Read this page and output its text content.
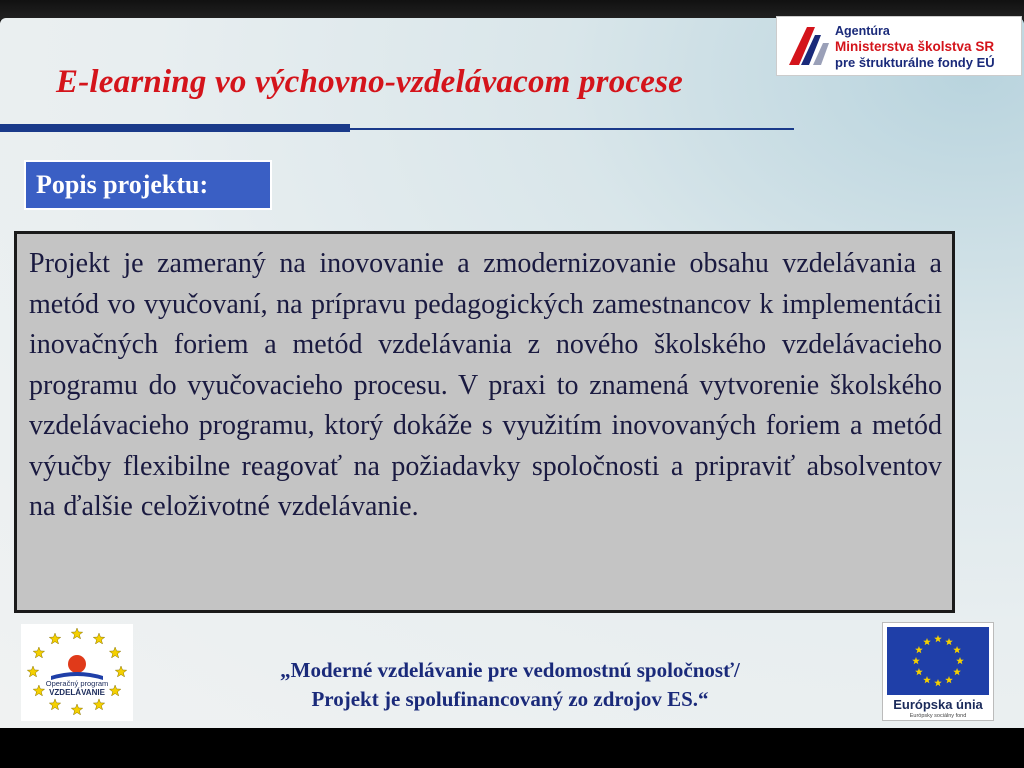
E-learning vo výchovno-vzdelávacom procese
Agentúra
Ministerstva školstva SR
pre štrukturálne fondy EÚ
Popis projektu:

Projekt je zameraný na inovovanie a zmodernizovanie obsahu vzdelávania a metód vo vyučovaní, na prípravu pedagogických zamestnancov k implementácii inovačných foriem a metód vzdelávania z nového školského vzdelávacieho programu do vyučovacieho procesu. V praxi to znamená vytvorenie školského vzdelávacieho programu, ktorý dokáže s využitím inovovaných foriem a metód výučby flexibilne reagovať na požiadavky spoločnosti a pripraviť absolventov na ďalšie celoživotné vzdelávanie.

Operačný program
VZDELÁVANIE
„Moderné vzdelávanie pre vedomostnú spoločnosť/
Projekt je spolufinancovaný zo zdrojov ES.“	Európska únia
Európsky sociálny fond
